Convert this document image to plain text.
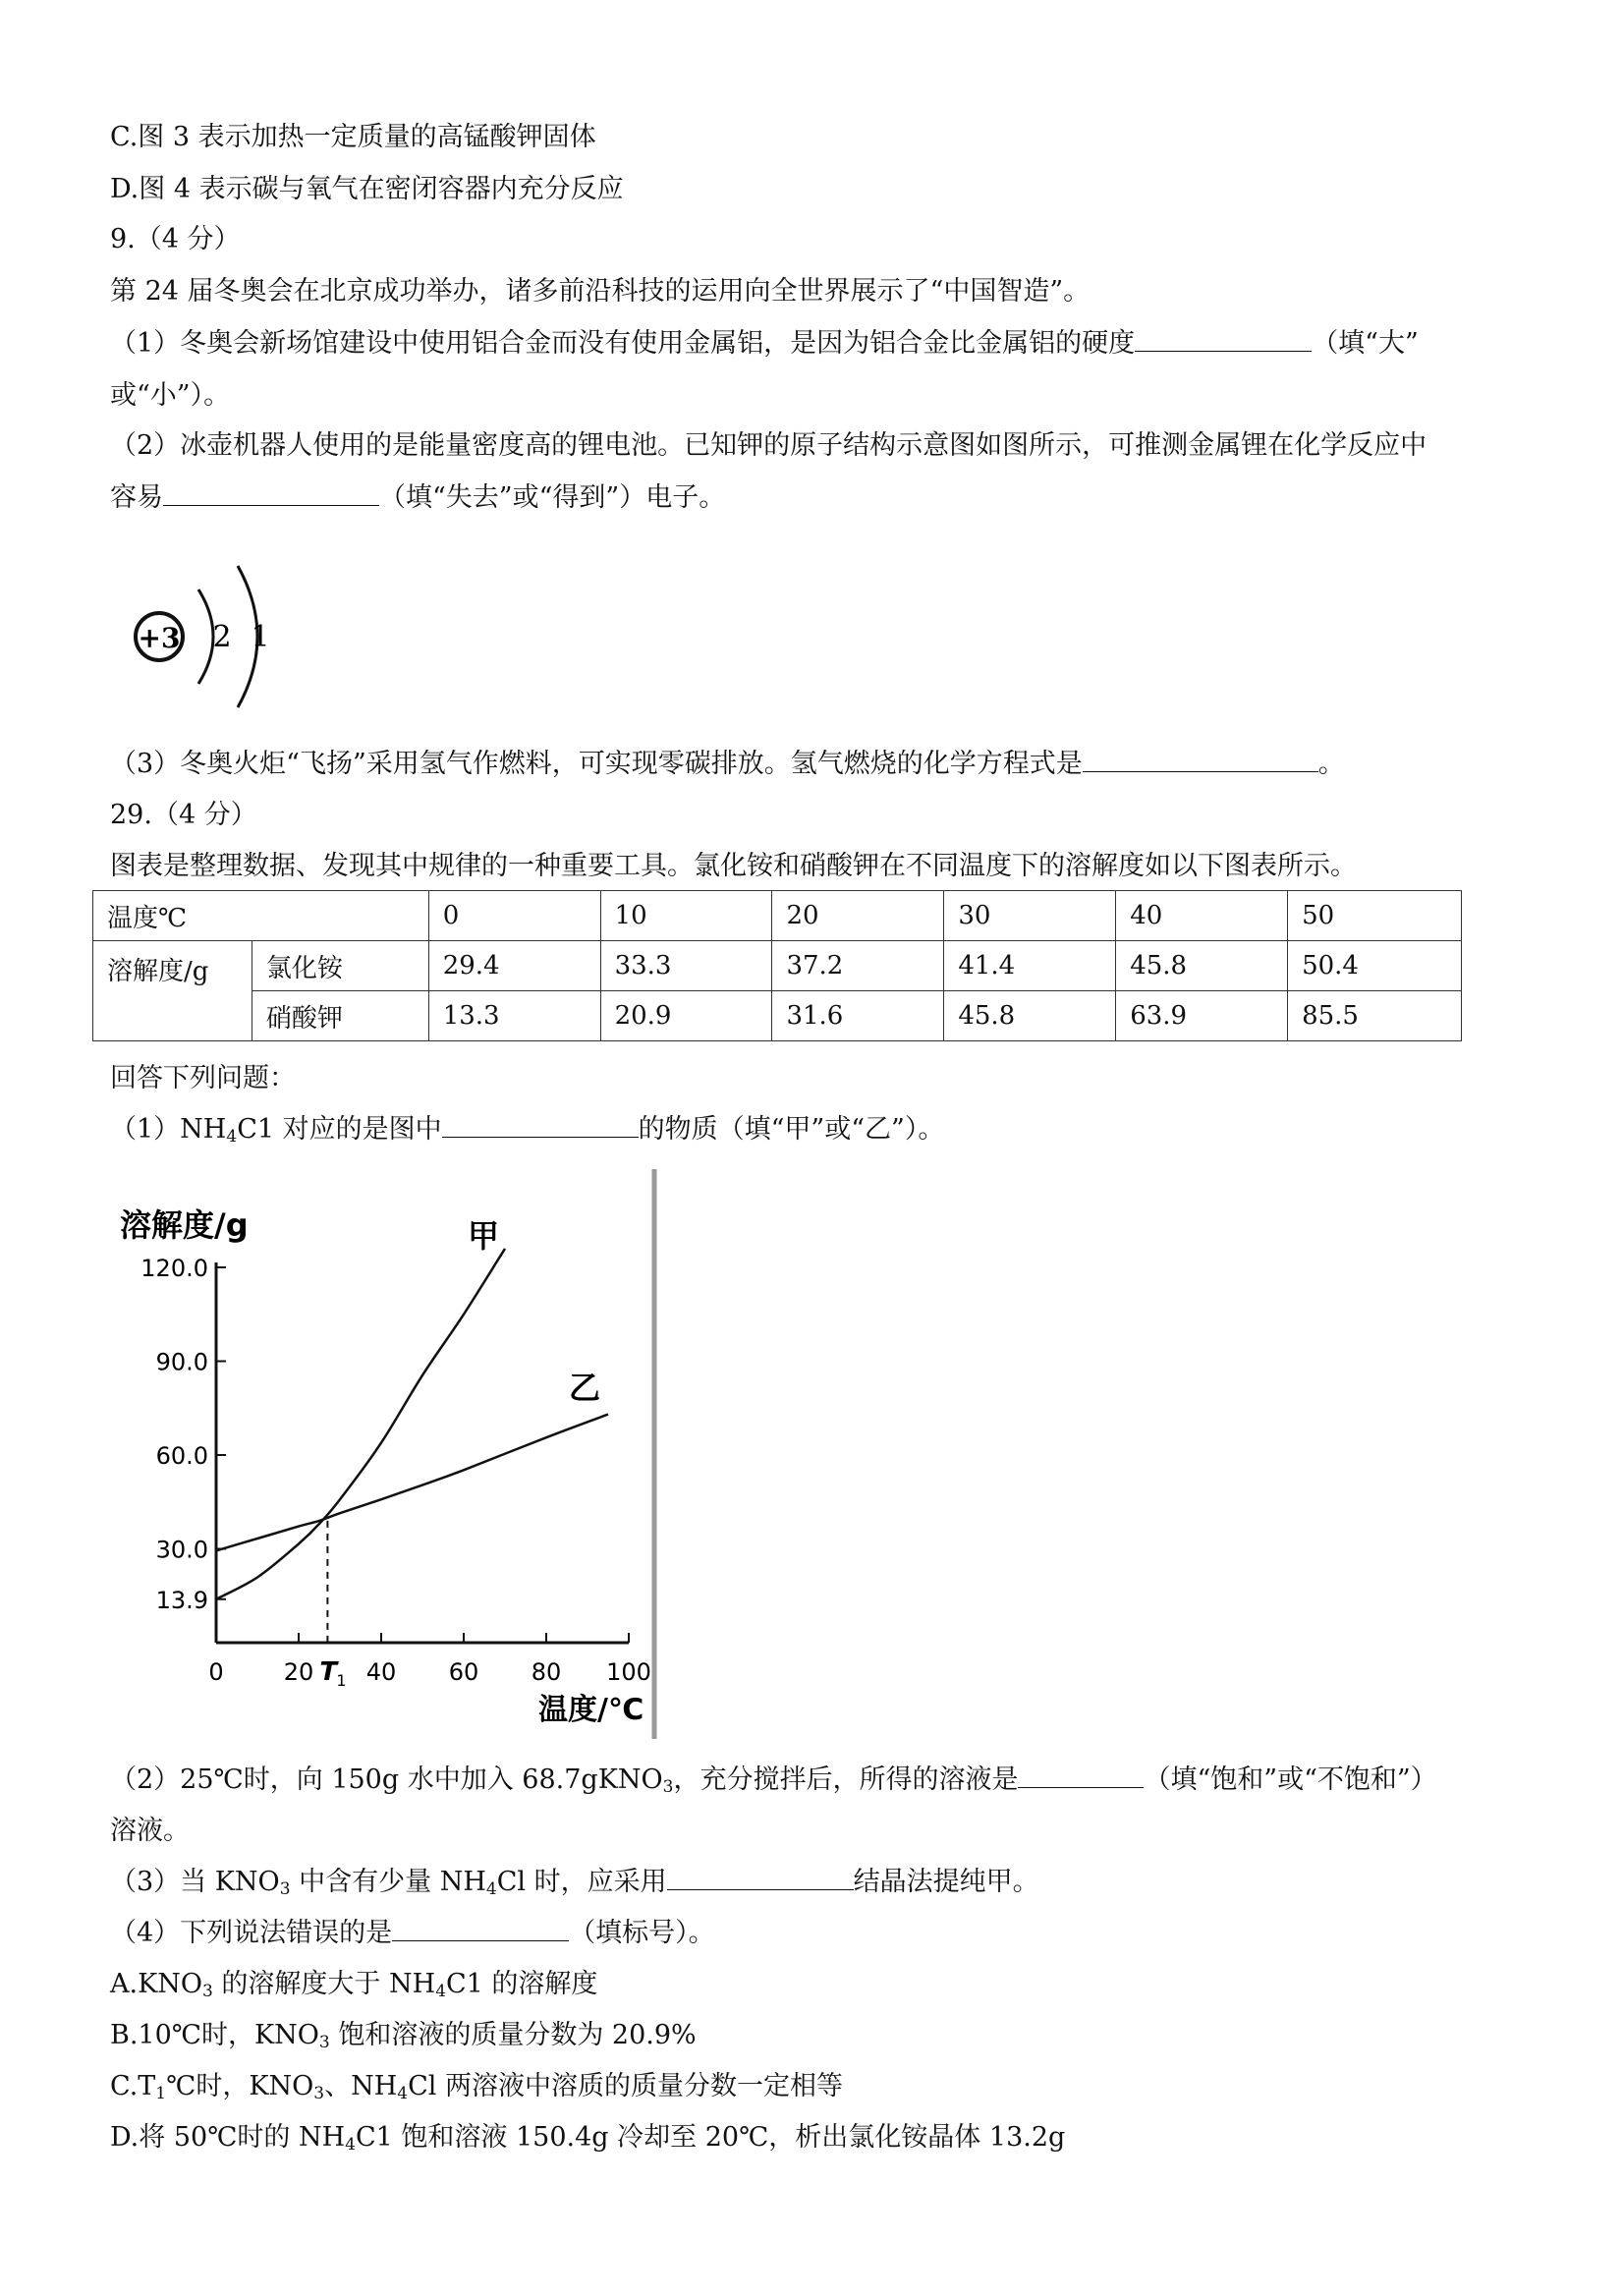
C.图 3 表示加热一定质量的高锰酸钾固体
D.图 4 表示碳与氧气在密闭容器内充分反应
9.（4 分）
第 24 届冬奥会在北京成功举办，诸多前沿科技的运用向全世界展示了“中国智造”。
（1）冬奥会新场馆建设中使用铝合金而没有使用金属铝，是因为铝合金比金属铝的硬度	（填“大”
或“小”）。
（2）冰壶机器人使用的是能量密度高的锂电池。已知钾的原子结构示意图如图所示，可推测金属锂在化学反应中
容易	（填“失去”或“得到”）电子。
+3 2 1
（3）冬奥火炬“飞扬”采用氢气作燃料，可实现零碳排放。氢气燃烧的化学方程式是	。
29.（4 分）
图表是整理数据、发现其中规律的一种重要工具。氯化铵和硝酸钾在不同温度下的溶解度如以下图表所示。
温度℃		0	10	20	30	40	50
溶解度/g	氯化铵	29.4	33.3	37.2	41.4	45.8	50.4
	硝酸钾	13.3	20.9	31.6	45.8	63.9	85.5
回答下列问题：
$(1)NH_4C1$ 对应的是图中	的物质（填“甲”或“乙”）。
溶解度/g
温度/℃
120.0
90.0
60.0
30.0
13.9
0	20 T 1 40 60 80 100
甲
乙
（2）25℃时，向 150g 水中加入 68.7gKNO$_3$，充分搅拌后，所得的溶液是	（填“饱和”或“不饱和”）
溶液。
（3）当 $KNO_3$ 中含有少量 $NH_4Cl$ 时，应采用	结晶法提纯甲。
（4）下列说法错误的是	（填标号）。
$A.KNO_3$ 的溶解度大于 $NH_4C1$ 的溶解度
B.10℃时，$KNO_3$ 饱和溶液的质量分数为 20.9%
$C.T_1℃$时，$KNO_3$、$NH_4Cl$ 两溶液中溶质的质量分数一定相等
D.将 50℃时的 $NH_4C1$ 饱和溶液 150.4g 冷却至 20℃，析出氯化铵晶体 13.2g
